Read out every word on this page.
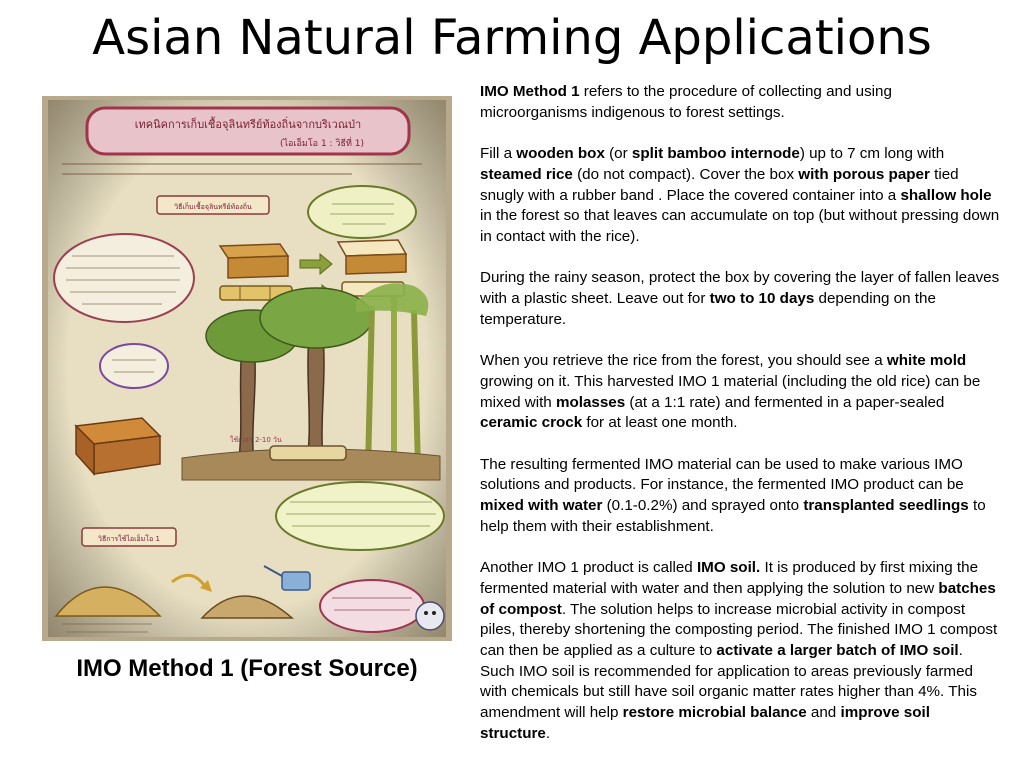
Asian Natural Farming Applications
เทคนิคการเก็บเชื้อจุลินทรีย์ท้องถิ่นจากบริเวณป่า
(ไอเอ็มโอ 1 : วิธีที่ 1)
วิธีเก็บเชื้อจุลินทรีย์ท้องถิ่น
ใช้เวลา 2-10 วัน
วิธีการใช้ไอเอ็มโอ 1
IMO Method 1 (Forest Source)

IMO Method 1 refers to the procedure of collecting and using microorganisms indigenous to forest settings.

Fill a wooden box (or split bamboo internode) up to 7 cm long with steamed rice (do not compact). Cover the box with porous paper tied snugly with a rubber band . Place the covered container into a shallow hole in the forest so that leaves can accumulate on top (but without pressing down in contact with the rice).

During the rainy season, protect the box by covering the layer of fallen leaves with a plastic sheet. Leave out for two to 10 days depending on the temperature.

When you retrieve the rice from the forest, you should see a white mold growing on it. This harvested IMO 1 material (including the old rice) can be mixed with molasses (at a 1:1 rate) and fermented in a paper-sealed ceramic crock for at least one month.

The resulting fermented IMO material can be used to make various IMO solutions and products. For instance, the fermented IMO product can be mixed with water (0.1-0.2%) and sprayed onto transplanted seedlings to help them with their establishment.

Another IMO 1 product is called IMO soil. It is produced by first mixing the fermented material with water and then applying the solution to new batches of compost. The solution helps to increase microbial activity in compost piles, thereby shortening the composting period. The finished IMO 1 compost can then be applied as a culture to activate a larger batch of IMO soil. Such IMO soil is recommended for application to areas previously farmed with chemicals but still have soil organic matter rates higher than 4%. This amendment will help restore microbial balance and improve soil structure.
